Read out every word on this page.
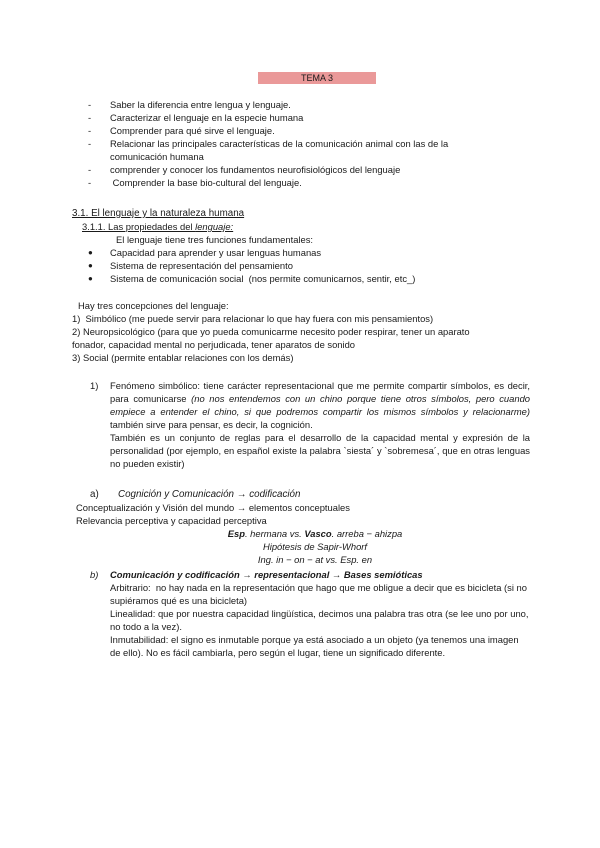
TEMA 3
- Saber la diferencia entre lengua y lenguaje.
- Caracterizar el lenguaje en la especie humana
- Comprender para qué sirve el lenguaje.
- Relacionar las principales características de la comunicación animal con las de la comunicación humana
- comprender y conocer los fundamentos neurofisiológicos del lenguaje
- Comprender la base bio-cultural del lenguaje.
3.1. El lenguaje y la naturaleza humana
3.1.1. Las propiedades del lenguaje:
El lenguaje tiene tres funciones fundamentales:
● Capacidad para aprender y usar lenguas humanas
● Sistema de representación del pensamiento
● Sistema de comunicación social  (nos permite comunicarnos, sentir, etc_)
Hay tres concepciones del lenguaje:
1)  Simbólico (me puede servir para relacionar lo que hay fuera con mis pensamientos)
2) Neuropsicológico (para que yo pueda comunicarme necesito poder respirar, tener un aparato
fonador, capacidad mental no perjudicada, tener aparatos de sonido
3) Social (permite entablar relaciones con los demás)
1) Fenómeno simbólico: tiene carácter representacional que me permite compartir símbolos, es decir, para comunicarse (no nos entendemos con un chino porque tiene otros símbolos, pero cuando empiece a entender el chino, si que podremos compartir los mismos símbolos y relacionarme) también sirve para pensar, es decir, la cognición.

También es un conjunto de reglas para el desarrollo de la capacidad mental y expresión de la personalidad (por ejemplo, en español existe la palabra `siesta´ y `sobremesa´, que en otras lenguas no pueden existir)

a) Cognición y Comunicación → codificación
Conceptualización y Visión del mundo → elementos conceptuales
Relevancia perceptiva y capacidad perceptiva
Esp. hermana vs. Vasco. arreba − ahizpa
Hipótesis de Sapir-Whorf
Ing. in − on − at vs. Esp. en
b) Comunicación y codificación → representacional → Bases semióticas
Arbitrario:  no hay nada en la representación que hago que me obligue a decir que es bicicleta (si no supiéramos qué es una bicicleta)
Linealidad: que por nuestra capacidad lingüística, decimos una palabra tras otra (se lee uno por uno, no todo a la vez).
Inmutabilidad: el signo es inmutable porque ya está asociado a un objeto (ya tenemos una imagen de ello). No es fácil cambiarla, pero según el lugar, tiene un significado diferente.
